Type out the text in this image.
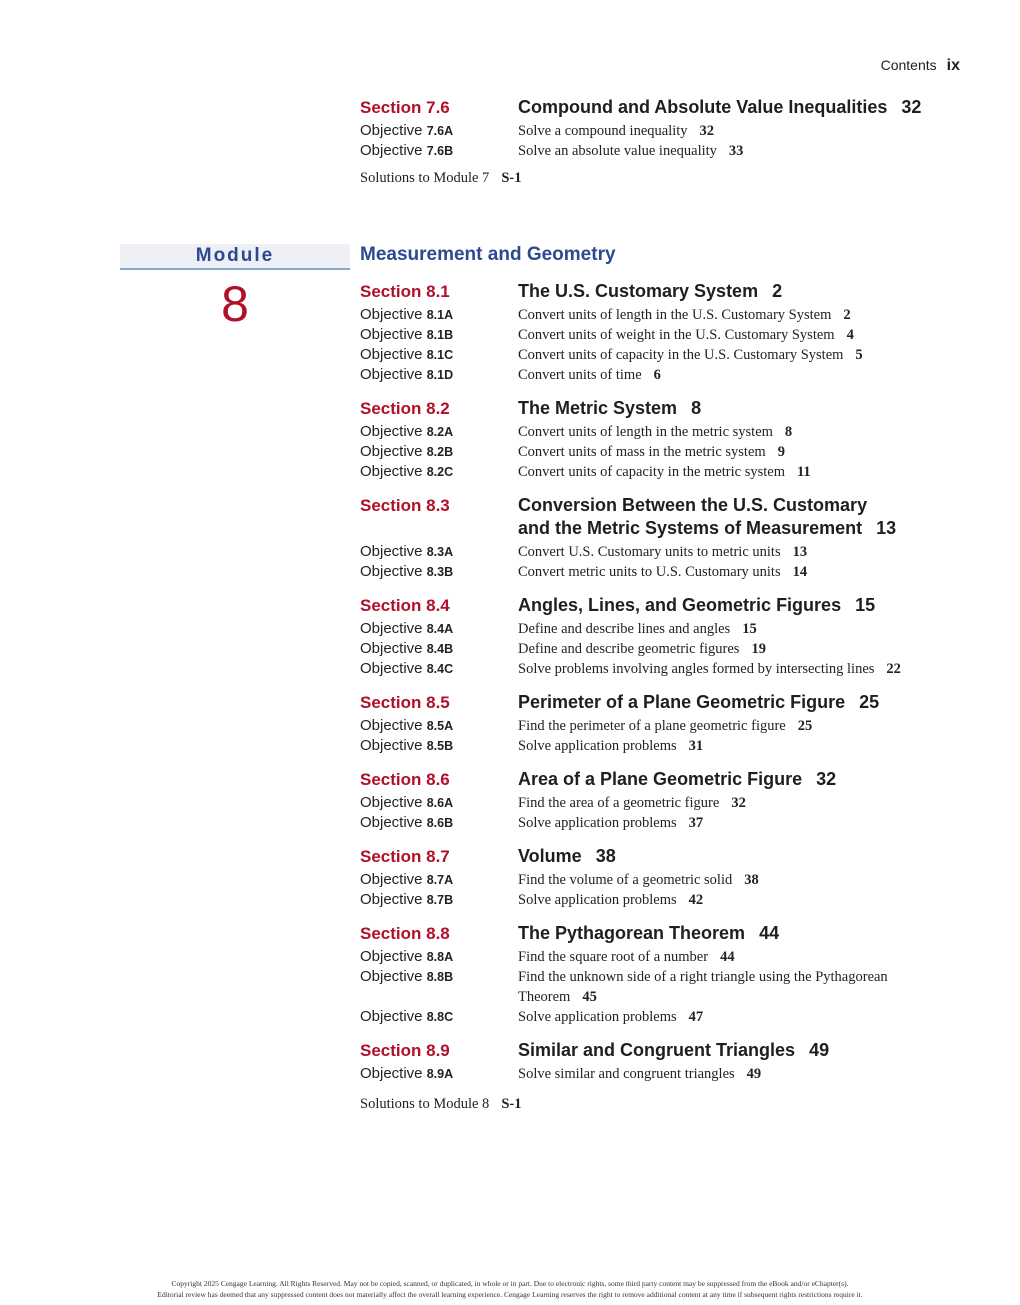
Contents ix
Section 7.6	Compound and Absolute Value Inequalities 32
Objective 7.6A	Solve a compound inequality 32
Objective 7.6B	Solve an absolute value inequality 33
Solutions to Module 7 S-1
Module
8
Measurement and Geometry
Section 8.1	The U.S. Customary System 2
Objective 8.1A	Convert units of length in the U.S. Customary System 2
Objective 8.1B	Convert units of weight in the U.S. Customary System 4
Objective 8.1C	Convert units of capacity in the U.S. Customary System 5
Objective 8.1D	Convert units of time 6
Section 8.2	The Metric System 8
Objective 8.2A	Convert units of length in the metric system 8
Objective 8.2B	Convert units of mass in the metric system 9
Objective 8.2C	Convert units of capacity in the metric system 11
Section 8.3	Conversion Between the U.S. Customary
and the Metric Systems of Measurement 13
Objective 8.3A	Convert U.S. Customary units to metric units 13
Objective 8.3B	Convert metric units to U.S. Customary units 14
Section 8.4	Angles, Lines, and Geometric Figures 15
Objective 8.4A	Define and describe lines and angles 15
Objective 8.4B	Define and describe geometric figures 19
Objective 8.4C	Solve problems involving angles formed by intersecting lines 22
Section 8.5	Perimeter of a Plane Geometric Figure 25
Objective 8.5A	Find the perimeter of a plane geometric figure 25
Objective 8.5B	Solve application problems 31
Section 8.6	Area of a Plane Geometric Figure 32
Objective 8.6A	Find the area of a geometric figure 32
Objective 8.6B	Solve application problems 37
Section 8.7	Volume 38
Objective 8.7A	Find the volume of a geometric solid 38
Objective 8.7B	Solve application problems 42
Section 8.8	The Pythagorean Theorem 44
Objective 8.8A	Find the square root of a number 44
Objective 8.8B	Find the unknown side of a right triangle using the Pythagorean
Theorem 45
Objective 8.8C	Solve application problems 47
Section 8.9	Similar and Congruent Triangles 49
Objective 8.9A	Solve similar and congruent triangles 49
Solutions to Module 8 S-1
Copyright 2025 Cengage Learning. All Rights Reserved. May not be copied, scanned, or duplicated, in whole or in part. Due to electronic rights, some third party content may be suppressed from the eBook and/or eChapter(s).
Editorial review has deemed that any suppressed content does not materially affect the overall learning experience. Cengage Learning reserves the right to remove additional content at any time if subsequent rights restrictions require it.
